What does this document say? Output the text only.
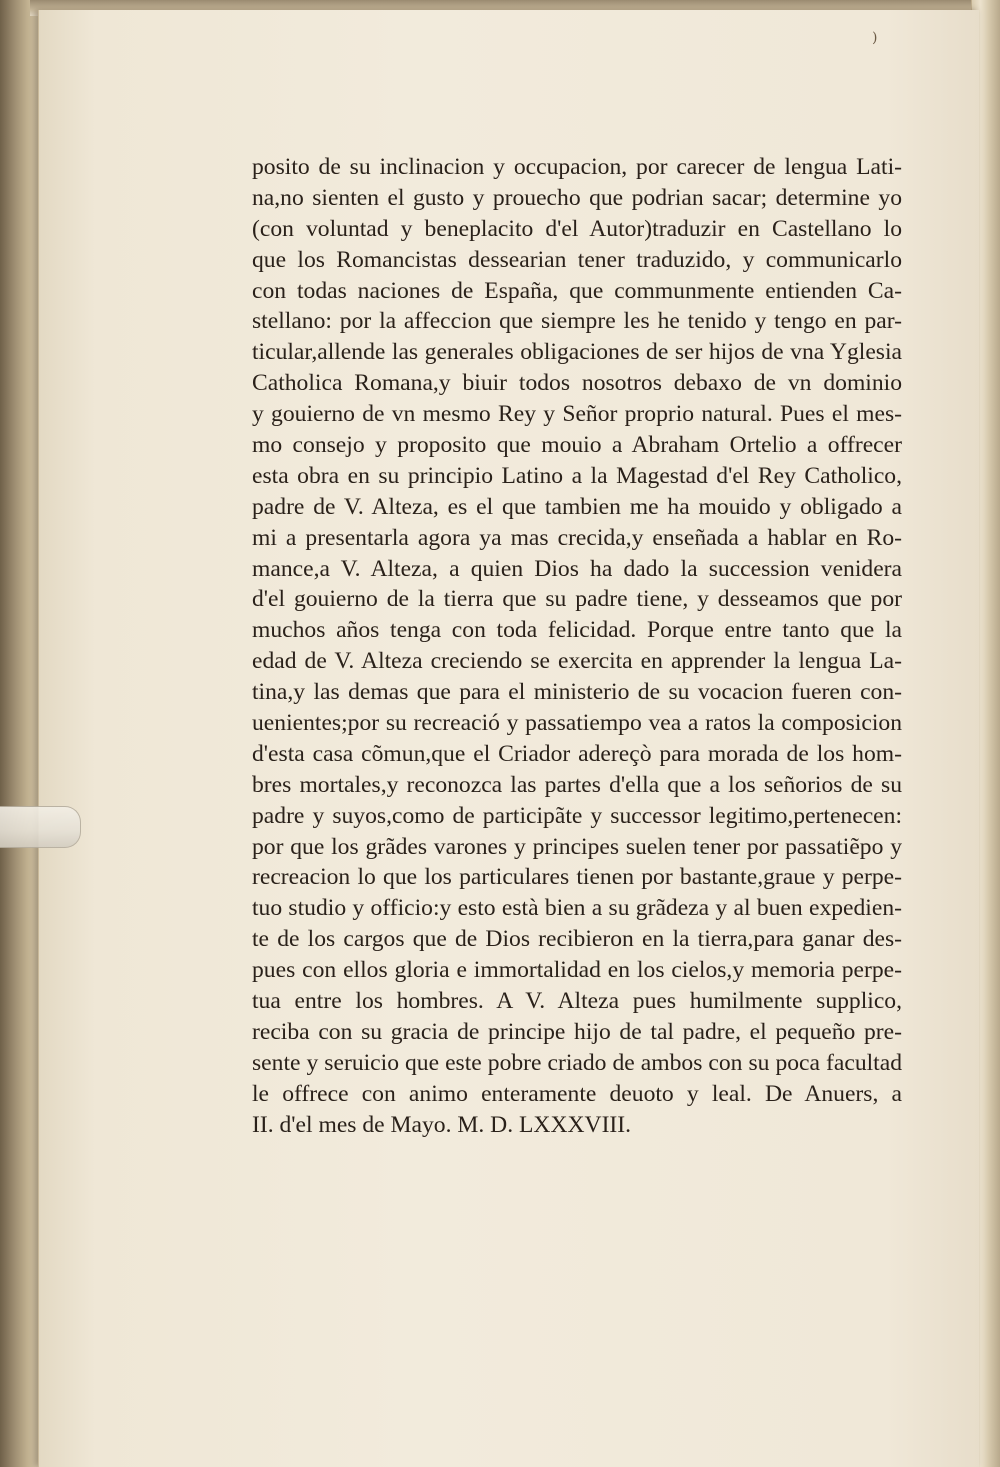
)
posito de su inclinacion y occupacion, por carecer de lengua Lati-
na,no sienten el gusto y prouecho que podrian sacar; determine yo
(con voluntad y beneplacito d'el Autor)traduzir en Castellano lo
que los Romancistas dessearian tener traduzido, y communicarlo
con todas naciones de España, que communmente entienden Ca-
stellano: por la affeccion que siempre les he tenido y tengo en par-
ticular,allende las generales obligaciones de ser hijos de vna Yglesia
Catholica Romana,y biuir todos nosotros debaxo de vn dominio
y gouierno de vn mesmo Rey y Señor proprio natural. Pues el mes-
mo consejo y proposito que mouio a Abraham Ortelio a offrecer
esta obra en su principio Latino a la Magestad d'el Rey Catholico,
padre de V. Alteza, es el que tambien me ha mouido y obligado a
mi a presentarla agora ya mas crecida,y enseñada a hablar en Ro-
mance,a V. Alteza, a quien Dios ha dado la succession venidera
d'el gouierno de la tierra que su padre tiene, y desseamos que por
muchos años tenga con toda felicidad. Porque entre tanto que la
edad de V. Alteza creciendo se exercita en apprender la lengua La-
tina,y las demas que para el ministerio de su vocacion fueren con-
uenientes;por su recreació y passatiempo vea a ratos la composicion
d'esta casa cõmun,que el Criador adereçò para morada de los hom-
bres mortales,y reconozca las partes d'ella que a los señorios de su
padre y suyos,como de participãte y successor legitimo,pertenecen:
por que los grãdes varones y principes suelen tener por passatiẽpo y
recreacion lo que los particulares tienen por bastante,graue y perpe-
tuo studio y officio:y esto està bien a su grãdeza y al buen expedien-
te de los cargos que de Dios recibieron en la tierra,para ganar des-
pues con ellos gloria e immortalidad en los cielos,y memoria perpe-
tua entre los hombres. A V. Alteza pues humilmente supplico,
reciba con su gracia de principe hijo de tal padre, el pequeño pre-
sente y seruicio que este pobre criado de ambos con su poca facultad
le offrece con animo enteramente deuoto y leal. De Anuers, a
II. d'el mes de Mayo. M. D. LXXXVIII.
